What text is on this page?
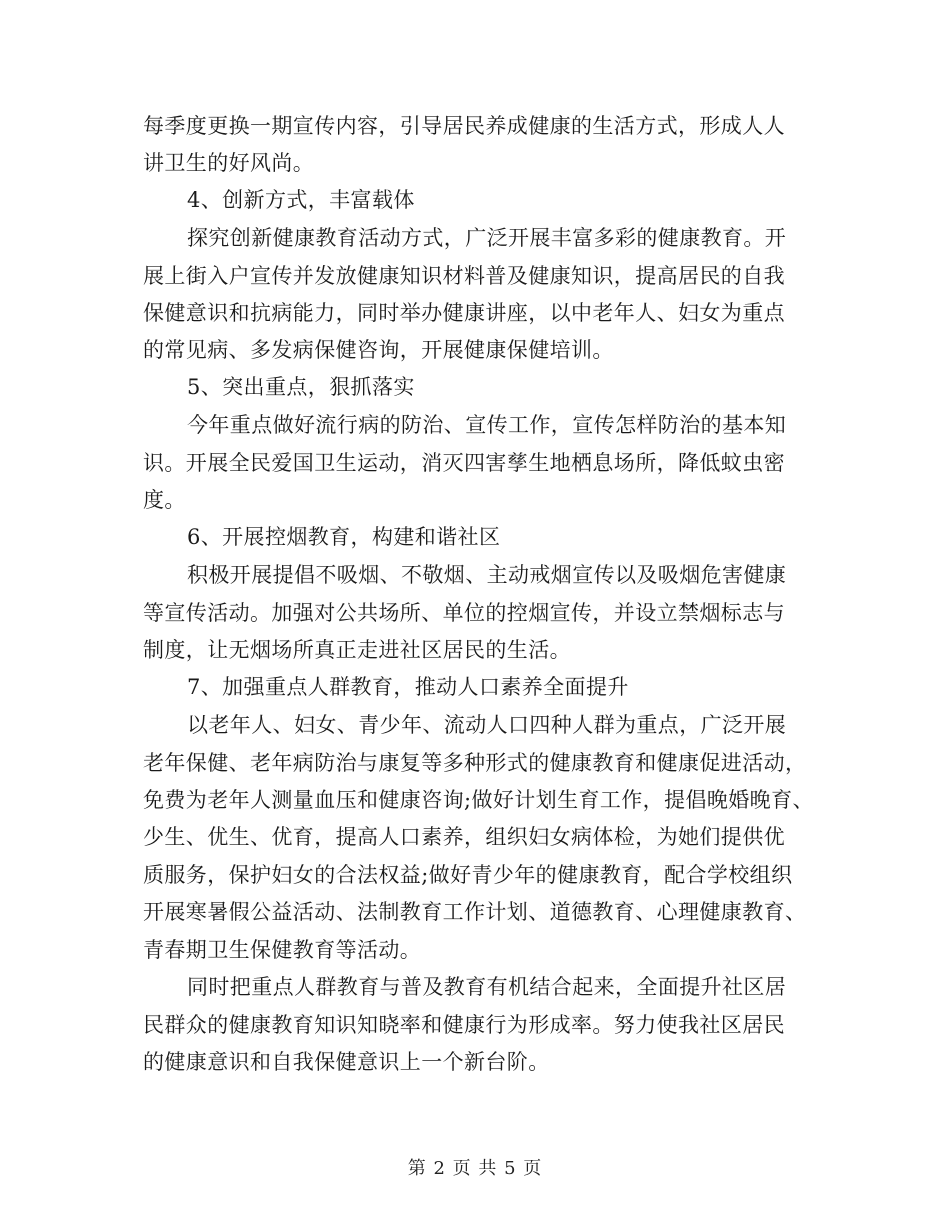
每季度更换一期宣传内容，引导居民养成健康的生活方式，形成人人
讲卫生的好风尚。
4、创新方式，丰富载体
探究创新健康教育活动方式，广泛开展丰富多彩的健康教育。开
展上街入户宣传并发放健康知识材料普及健康知识，提高居民的自我
保健意识和抗病能力，同时举办健康讲座，以中老年人、妇女为重点
的常见病、多发病保健咨询，开展健康保健培训。
5、突出重点，狠抓落实
今年重点做好流行病的防治、宣传工作，宣传怎样防治的基本知
识。开展全民爱国卫生运动，消灭四害孳生地栖息场所，降低蚊虫密
度。
6、开展控烟教育，构建和谐社区
积极开展提倡不吸烟、不敬烟、主动戒烟宣传以及吸烟危害健康
等宣传活动。加强对公共场所、单位的控烟宣传，并设立禁烟标志与
制度，让无烟场所真正走进社区居民的生活。
7、加强重点人群教育，推动人口素养全面提升
以老年人、妇女、青少年、流动人口四种人群为重点，广泛开展
老年保健、老年病防治与康复等多种形式的健康教育和健康促进活动，
免费为老年人测量血压和健康咨询;做好计划生育工作，提倡晚婚晚育、
少生、优生、优育，提高人口素养，组织妇女病体检，为她们提供优
质服务，保护妇女的合法权益;做好青少年的健康教育，配合学校组织
开展寒暑假公益活动、法制教育工作计划、道德教育、心理健康教育、
青春期卫生保健教育等活动。
同时把重点人群教育与普及教育有机结合起来，全面提升社区居
民群众的健康教育知识知晓率和健康行为形成率。努力使我社区居民
的健康意识和自我保健意识上一个新台阶。
第 2 页 共 5 页
